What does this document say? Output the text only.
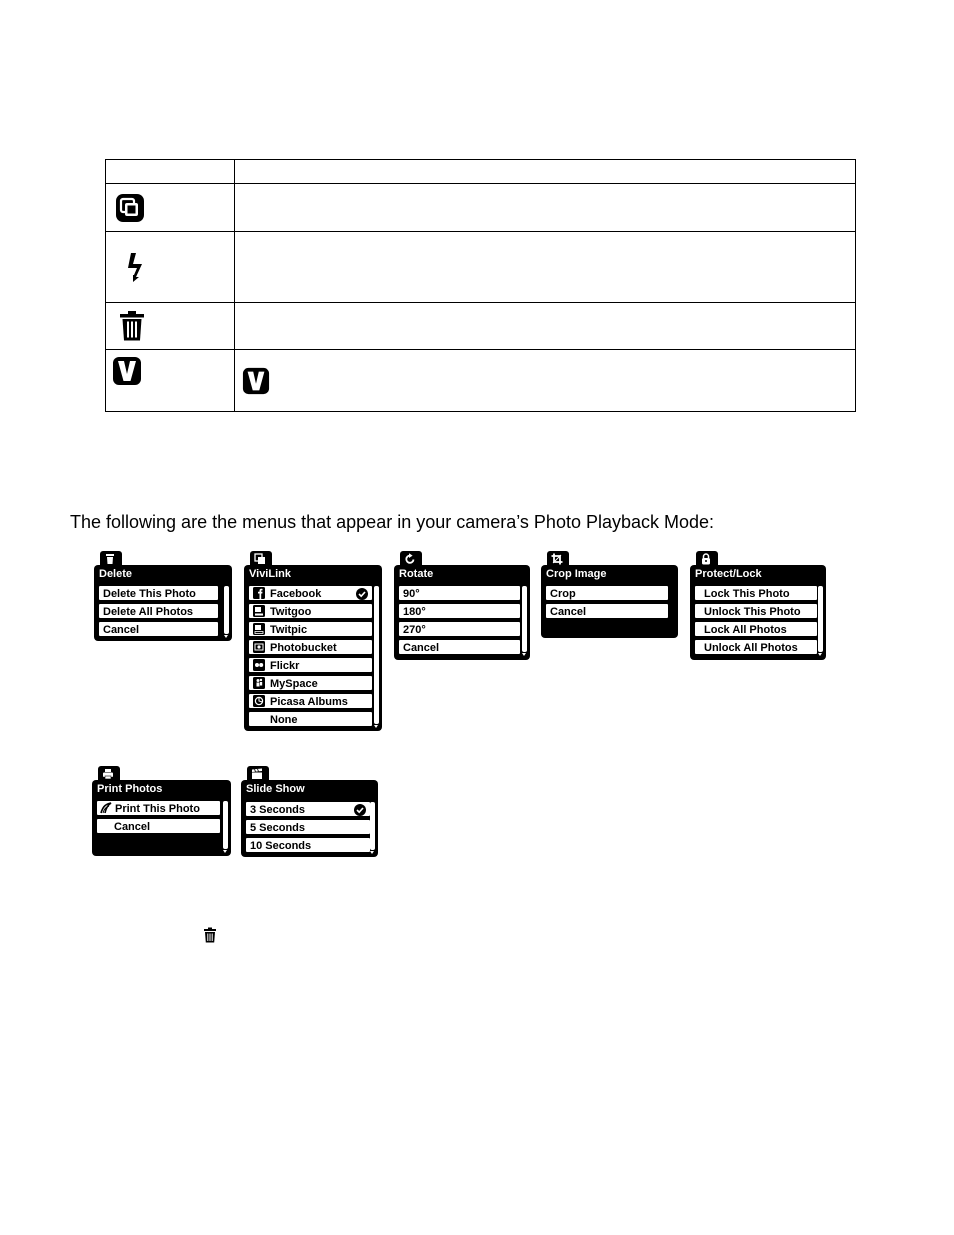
The following are the menus that appear in your camera’s Photo Playback Mode:
Delete
Delete This Photo
Delete All Photos
Cancel
ViviLink
Facebook
Twitgoo
Twitpic
Photobucket
Flickr
MySpace
Picasa Albums
None
Rotate
90°
180°
270°
Cancel
Crop Image
Crop
Cancel
Protect/Lock
Lock This Photo
Unlock This Photo
Lock All Photos
Unlock All Photos
Print Photos
Print This Photo
Cancel
Slide Show
3 Seconds
5 Seconds
10 Seconds
